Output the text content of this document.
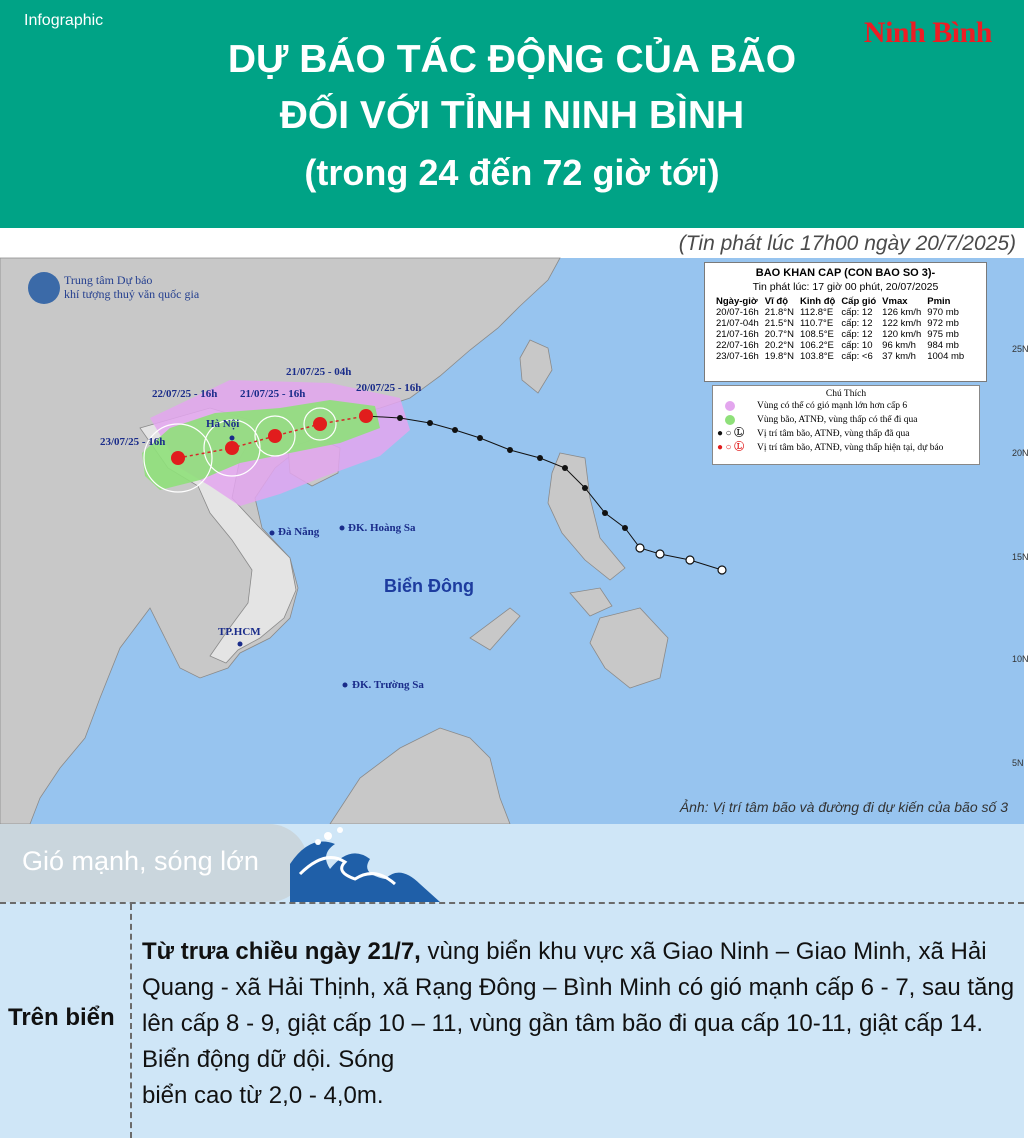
Infographic	Ninh Bình
DỰ BÁO TÁC ĐỘNG CỦA BÃO
ĐỐI VỚI TỈNH NINH BÌNH
(trong 24 đến 72 giờ tới)
(Tin phát lúc 17h00 ngày 20/7/2025)
Trung tâm Dự báo
khí tượng thuỷ văn quốc gia
23/07/25 - 16h
22/07/25 - 16h 21/07/25 - 16h
21/07/25 - 04h
20/07/25 - 16h
Hà Nội
Đà Nẵng	ĐK. Hoàng Sa
TP.HCM
ĐK. Trường Sa
Biển Đông
25N
20N
15N
10N
5N
BAO KHAN CAP (CON BAO SO 3)-
Tin phát lúc: 17 giờ 00 phút, 20/07/2025
Ngày-giờ	Vĩ độ	Kinh độ	Cấp gió	Vmax	Pmin
20/07-16h	21.8°N	112.8°E	cấp: 12	126 km/h	970 mb
21/07-04h	21.5°N	110.7°E	cấp: 12	122 km/h	972 mb
21/07-16h	20.7°N	108.5°E	cấp: 12	120 km/h	975 mb
22/07-16h	20.2°N	106.2°E	cấp: 10	96 km/h	984 mb
23/07-16h	19.8°N	103.8°E	cấp: <6	37 km/h	1004 mb
Chú Thích
Vùng có thể có gió mạnh lớn hơn cấp 6
Vùng bão, ATNĐ, vùng thấp có thể đi qua
● ○ Ⓛ Vị trí tâm bão, ATNĐ, vùng thấp đã qua
● ○ Ⓛ Vị trí tâm bão, ATNĐ, vùng thấp hiện tại, dự báo
Ảnh: Vị trí tâm bão và đường đi dự kiến của bão số 3
Gió mạnh, sóng lớn
Trên biển
Từ trưa chiều ngày 21/7, vùng biển khu vực xã Giao Ninh – Giao Minh, xã Hải Quang - xã Hải Thịnh, xã Rạng Đông – Bình Minh có gió mạnh cấp 6 - 7, sau tăng lên cấp 8 - 9, giật cấp 10 – 11, vùng gần tâm bão đi qua cấp 10-11, giật cấp 14. Biển động dữ dội. Sóng
biển cao từ 2,0 - 4,0m.
